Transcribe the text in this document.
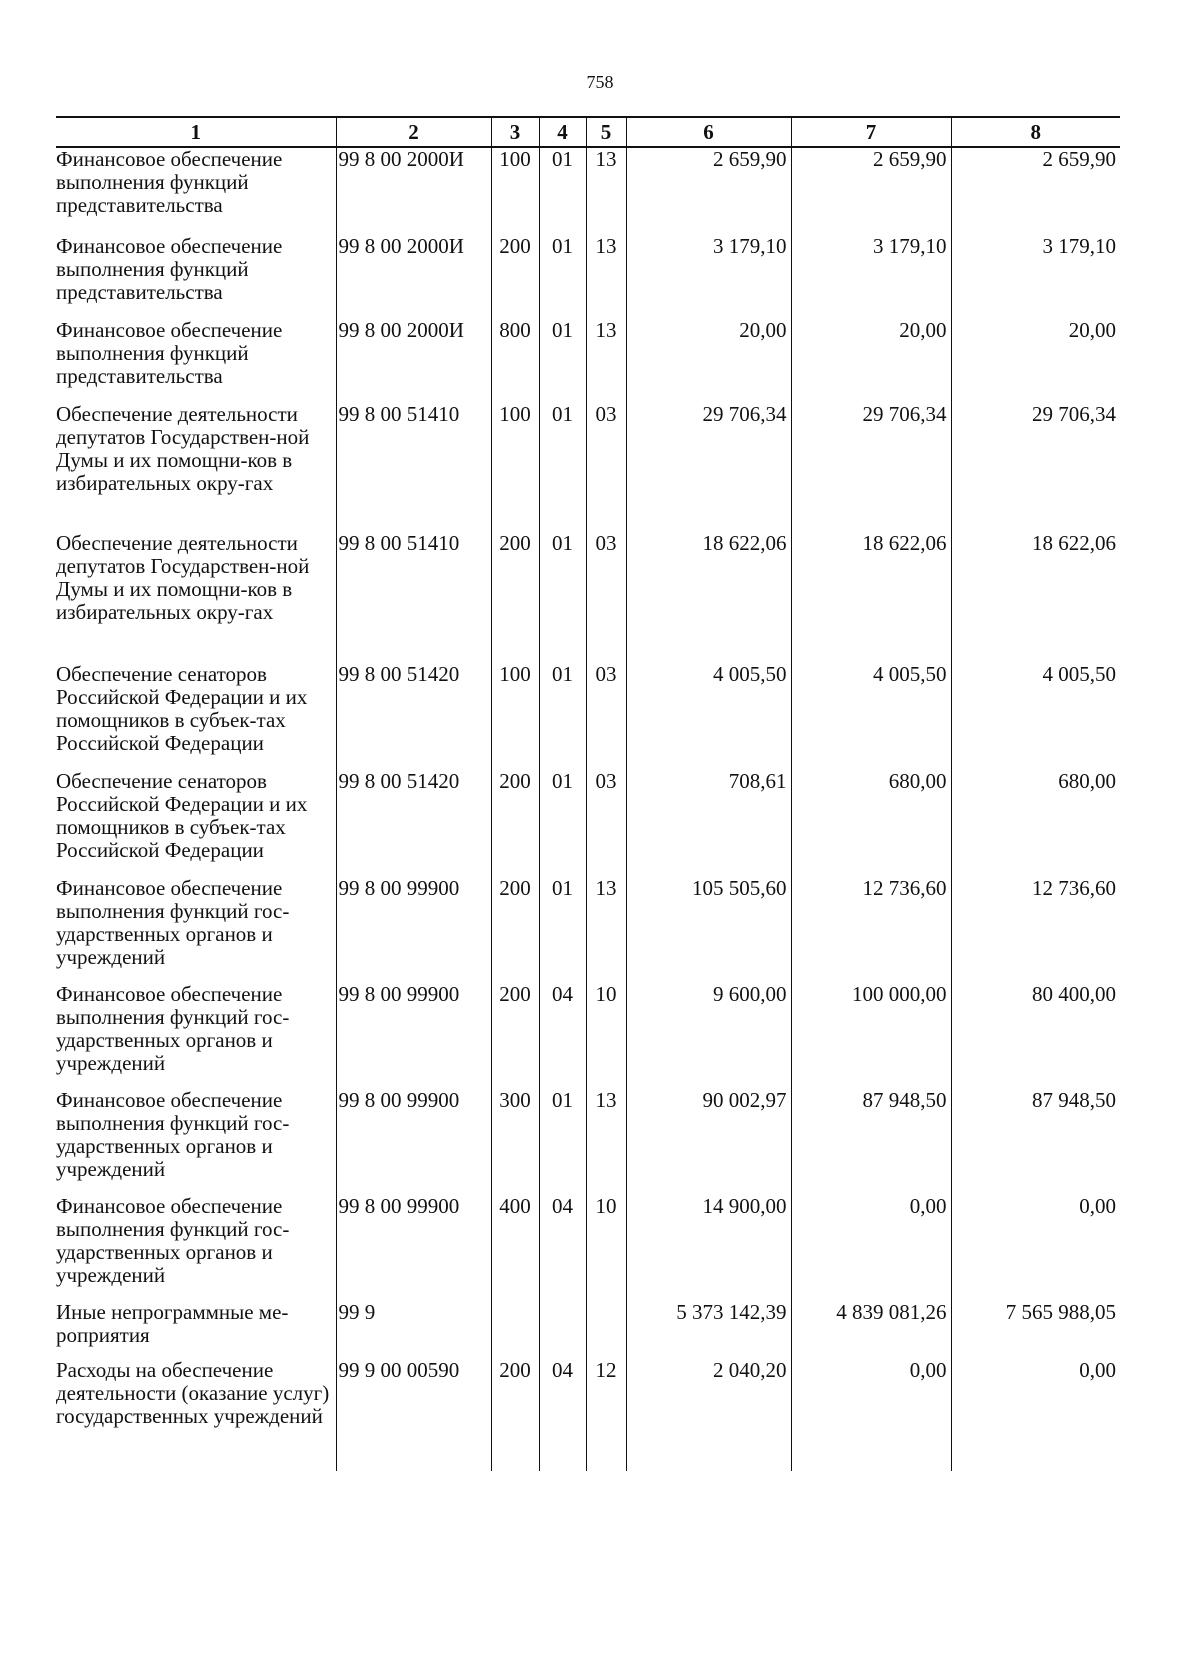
758
1	2	3	4	5	6	7	8
Финансовое обеспечение выполнения функций представительства	99 8 00 2000И	100	01	13	2 659,90	2 659,90	2 659,90
Финансовое обеспечение выполнения функций представительства	99 8 00 2000И	200	01	13	3 179,10	3 179,10	3 179,10
Финансовое обеспечение выполнения функций представительства	99 8 00 2000И	800	01	13	20,00	20,00	20,00
Обеспечение деятельности депутатов Государствен-ной Думы и их помощни-ков в избирательных окру-гах	99 8 00 51410	100	01	03	29 706,34	29 706,34	29 706,34
Обеспечение деятельности депутатов Государствен-ной Думы и их помощни-ков в избирательных окру-гах	99 8 00 51410	200	01	03	18 622,06	18 622,06	18 622,06
Обеспечение сенаторов Российской Федерации и их помощников в субъек-тах Российской Федерации	99 8 00 51420	100	01	03	4 005,50	4 005,50	4 005,50
Обеспечение сенаторов Российской Федерации и их помощников в субъек-тах Российской Федерации	99 8 00 51420	200	01	03	708,61	680,00	680,00
Финансовое обеспечение выполнения функций гос-ударственных органов и учреждений	99 8 00 99900	200	01	13	105 505,60	12 736,60	12 736,60
Финансовое обеспечение выполнения функций гос-ударственных органов и учреждений	99 8 00 99900	200	04	10	9 600,00	100 000,00	80 400,00
Финансовое обеспечение выполнения функций гос-ударственных органов и учреждений	99 8 00 99900	300	01	13	90 002,97	87 948,50	87 948,50
Финансовое обеспечение выполнения функций гос-ударственных органов и учреждений	99 8 00 99900	400	04	10	14 900,00	0,00	0,00
Иные непрограммные ме-роприятия	99 9				5 373 142,39	4 839 081,26	7 565 988,05
Расходы на обеспечение деятельности (оказание услуг) государственных учреждений	99 9 00 00590	200	04	12	2 040,20	0,00	0,00
